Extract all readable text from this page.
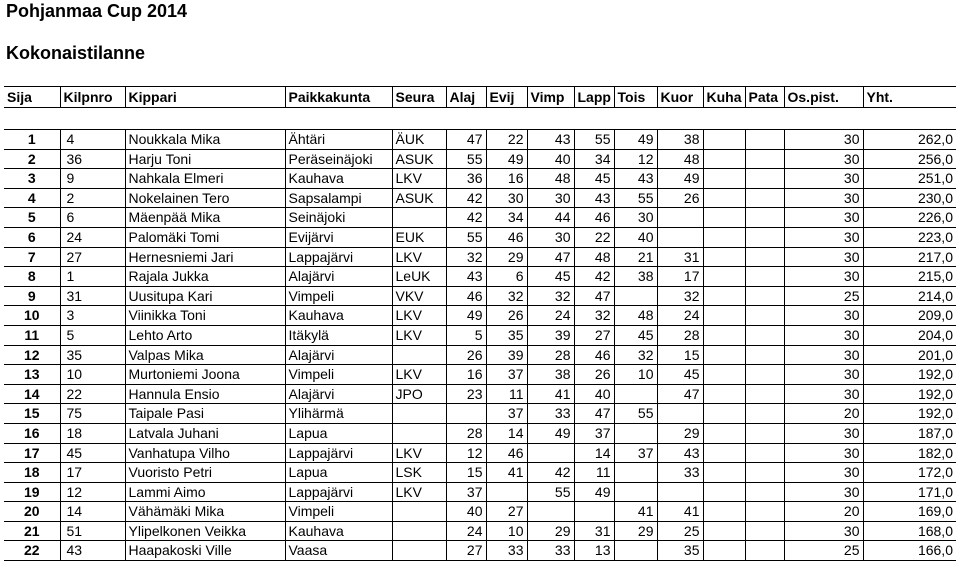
Pohjanmaa Cup 2014
Kokonaistilanne
Sija	Kilpnro	Kippari	Paikkakunta	Seura	Alaj	Evij	Vimp	Lapp	Tois	Kuor	Kuha	Pata	Os.pist.	Yht.

1	4	Noukkala Mika	Ähtäri	ÄUK	47	22	43	55	49	38			30	262,0
2	36	Harju Toni	Peräseinäjoki	ASUK	55	49	40	34	12	48			30	256,0
3	9	Nahkala Elmeri	Kauhava	LKV	36	16	48	45	43	49			30	251,0
4	2	Nokelainen Tero	Sapsalampi	ASUK	42	30	30	43	55	26			30	230,0
5	6	Mäenpää Mika	Seinäjoki		42	34	44	46	30				30	226,0
6	24	Palomäki Tomi	Evijärvi	EUK	55	46	30	22	40				30	223,0
7	27	Hernesniemi Jari	Lappajärvi	LKV	32	29	47	48	21	31			30	217,0
8	1	Rajala Jukka	Alajärvi	LeUK	43	6	45	42	38	17			30	215,0
9	31	Uusitupa Kari	Vimpeli	VKV	46	32	32	47		32			25	214,0
10	3	Viinikka Toni	Kauhava	LKV	49	26	24	32	48	24			30	209,0
11	5	Lehto Arto	Itäkylä	LKV	5	35	39	27	45	28			30	204,0
12	35	Valpas Mika	Alajärvi		26	39	28	46	32	15			30	201,0
13	10	Murtoniemi Joona	Vimpeli	LKV	16	37	38	26	10	45			30	192,0
14	22	Hannula Ensio	Alajärvi	JPO	23	11	41	40		47			30	192,0
15	75	Taipale Pasi	Ylihärmä			37	33	47	55				20	192,0
16	18	Latvala Juhani	Lapua		28	14	49	37		29			30	187,0
17	45	Vanhatupa Vilho	Lappajärvi	LKV	12	46		14	37	43			30	182,0
18	17	Vuoristo Petri	Lapua	LSK	15	41	42	11		33			30	172,0
19	12	Lammi Aimo	Lappajärvi	LKV	37		55	49					30	171,0
20	14	Vähämäki Mika	Vimpeli		40	27			41	41			20	169,0
21	51	Ylipelkonen Veikka	Kauhava		24	10	29	31	29	25			30	168,0
22	43	Haapakoski Ville	Vaasa		27	33	33	13		35			25	166,0
